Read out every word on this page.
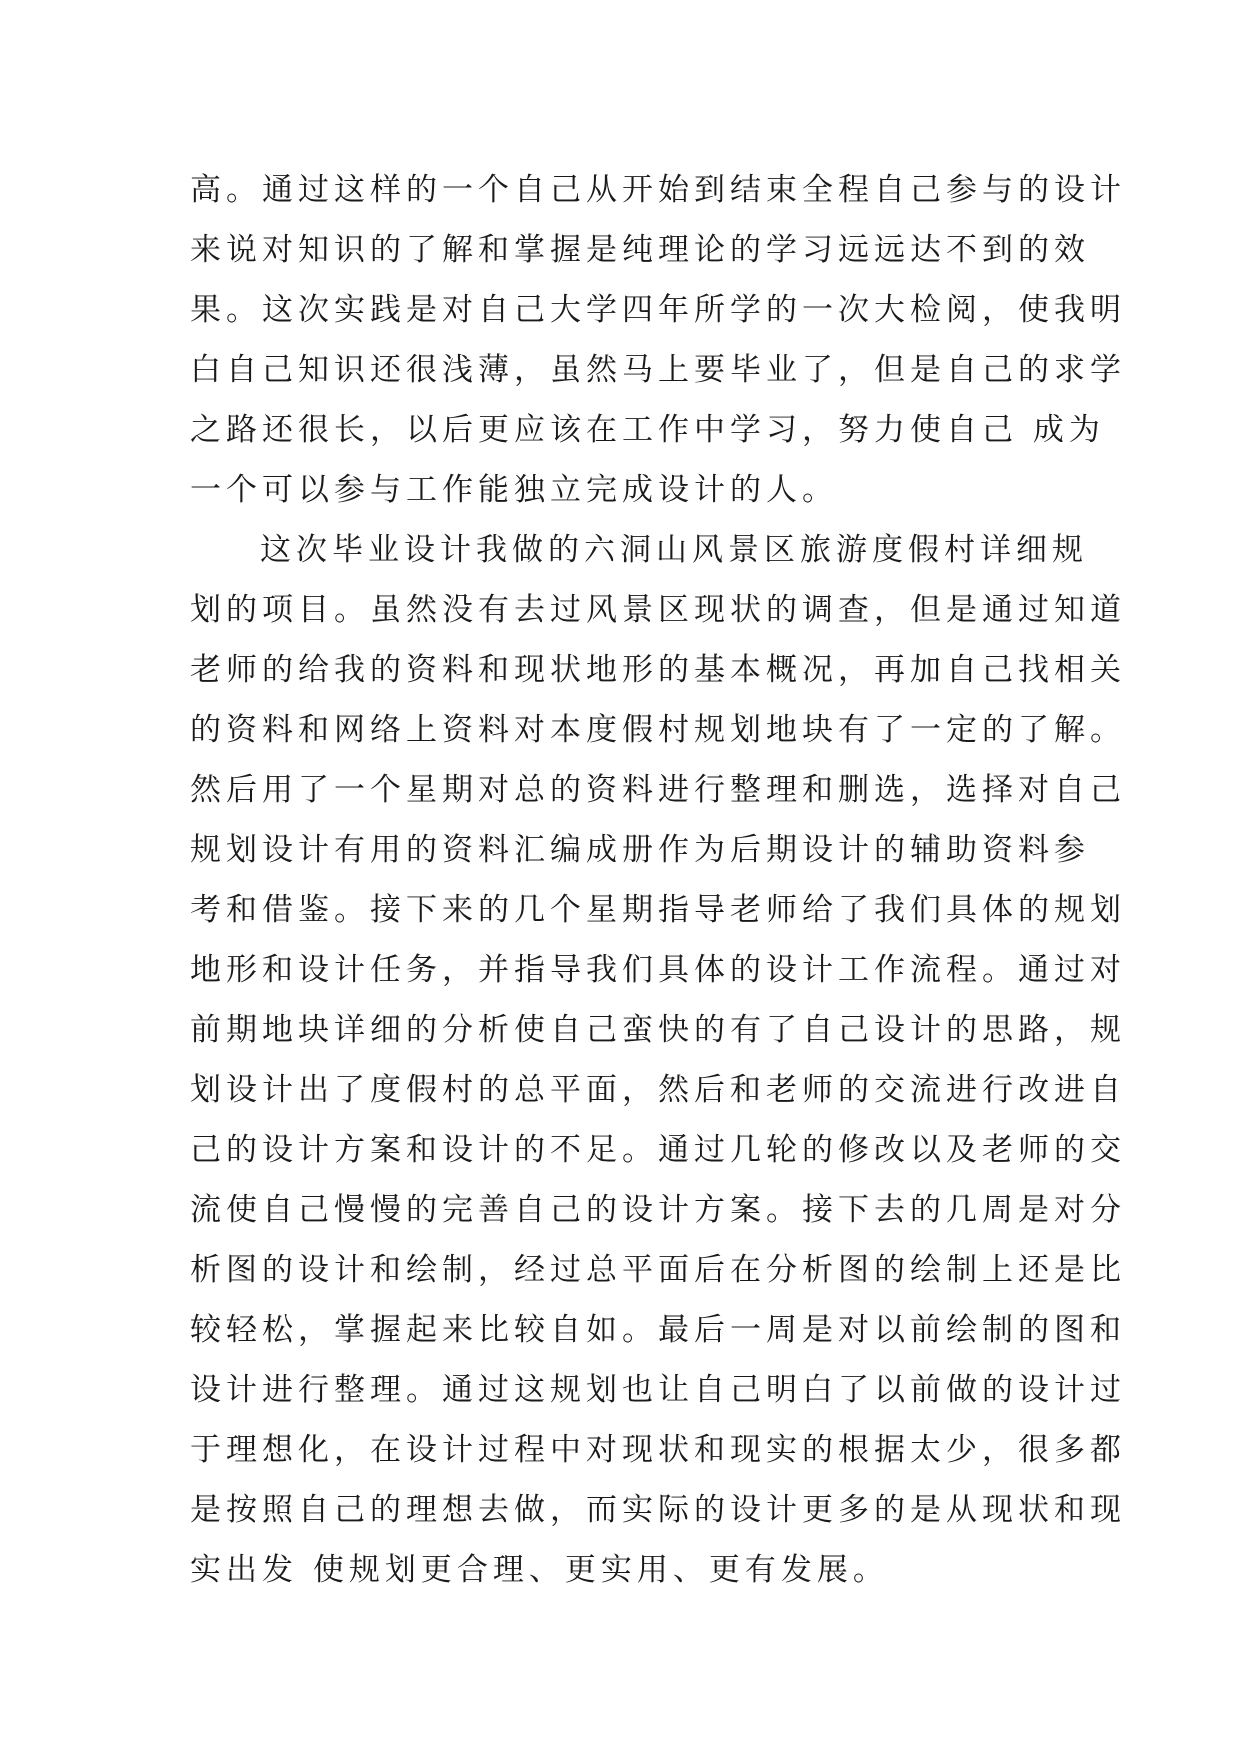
高。通过这样的一个自己从开始到结束全程自己参与的设计
来说对知识的了解和掌握是纯理论的学习远远达不到的效
果。这次实践是对自己大学四年所学的一次大检阅，使我明
白自己知识还很浅薄，虽然马上要毕业了，但是自己的求学
之路还很长，以后更应该在工作中学习，努力使自己 成为
一个可以参与工作能独立完成设计的人。
这次毕业设计我做的六洞山风景区旅游度假村详细规
划的项目。虽然没有去过风景区现状的调查，但是通过知道
老师的给我的资料和现状地形的基本概况，再加自己找相关
的资料和网络上资料对本度假村规划地块有了一定的了解。
然后用了一个星期对总的资料进行整理和删选，选择对自己
规划设计有用的资料汇编成册作为后期设计的辅助资料参
考和借鉴。接下来的几个星期指导老师给了我们具体的规划
地形和设计任务，并指导我们具体的设计工作流程。通过对
前期地块详细的分析使自己蛮快的有了自己设计的思路，规
划设计出了度假村的总平面，然后和老师的交流进行改进自
己的设计方案和设计的不足。通过几轮的修改以及老师的交
流使自己慢慢的完善自己的设计方案。接下去的几周是对分
析图的设计和绘制，经过总平面后在分析图的绘制上还是比
较轻松，掌握起来比较自如。最后一周是对以前绘制的图和
设计进行整理。通过这规划也让自己明白了以前做的设计过
于理想化，在设计过程中对现状和现实的根据太少，很多都
是按照自己的理想去做，而实际的设计更多的是从现状和现
实出发 使规划更合理、更实用、更有发展。
